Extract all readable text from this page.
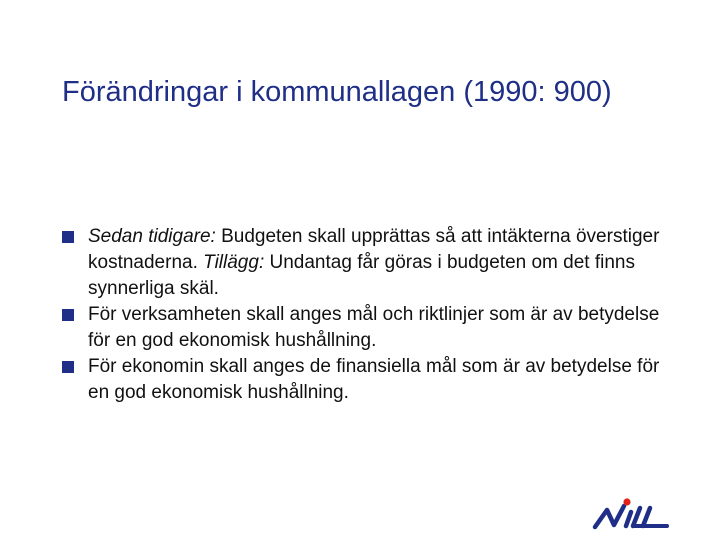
Förändringar i kommunallagen (1990: 900)
Sedan tidigare: Budgeten skall upprättas så att intäkterna överstiger kostnaderna. Tillägg: Undantag får göras i budgeten om det finns synnerliga skäl.
För verksamheten skall anges mål och riktlinjer som är av betydelse för en god ekonomisk hushållning.
För ekonomin skall anges de finansiella mål som är av betydelse för en god ekonomisk hushållning.
